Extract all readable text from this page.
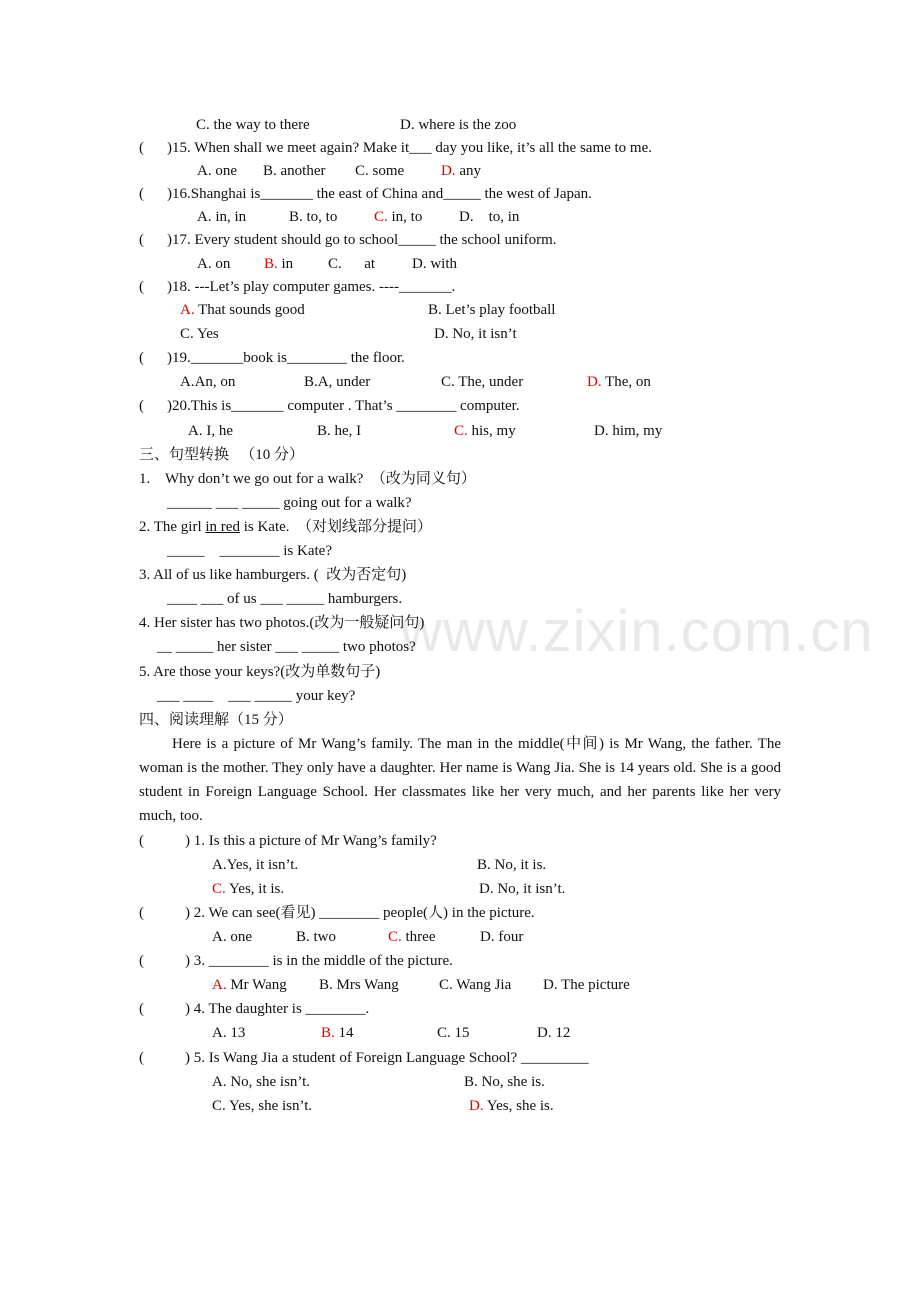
www.zixin.com.cn
C. the way to there	D. where is the zoo
( )15. When shall we meet again? Make it___ day you like, it’s all the same to me.
A. one B. another C. some D. any
( )16.Shanghai is_______ the east of China and_____ the west of Japan.
A. in, in	B. to, to C. in, to D.    to, in
( )17. Every student should go to school_____ the school uniform.
A. on B. in C.      at D. with
( )18. ---Let’s play computer games. ----_______.
A. That sounds good	B. Let’s play football
C. Yes	D. No, it isn’t
( )19._______book is________ the floor.
A.An, on	B.A, under	C. The, under	D. The, on
( )20.This is_______ computer . That’s ________ computer.
A. I, he	B. he, I	C. his, my	D. him, my
三、句型转换   （10 分）
1.    Why don’t we go out for a walk?  （改为同义句）
______ ___ _____ going out for a walk?
2. The girl in red is Kate.  （对划线部分提问）
_____    ________ is Kate?
3. All of us like hamburgers. (  改为否定句)
____ ___ of us ___ _____ hamburgers.
4. Her sister has two photos.(改为一般疑问句)
__ _____ her sister ___ _____ two photos?
5. Are those your keys?(改为单数句子)
___ ____    ___ _____ your key?
四、阅读理解（15 分）

Here is a picture of Mr Wang’s family. The man in the middle(中间) is Mr Wang, the father. The woman is the mother. They only have a daughter. Her name is Wang Jia. She is 14 years old. She is a good student in Foreign Language School. Her classmates like her very much, and her parents like her very much, too.

(	) 1. Is this a picture of Mr Wang’s family?
A.Yes, it isn’t.	B. No, it is.
C. Yes, it is.	D. No, it isn’t.
(	) 2. We can see(看见) ________ people(人) in the picture.
A. one	B. two	C. three	D. four
(	) 3. ________ is in the middle of the picture.
A. Mr Wang B. Mrs Wang	C. Wang Jia D. The picture
(	) 4. The daughter is ________.
A. 13	B. 14	C. 15	D. 12
(	) 5. Is Wang Jia a student of Foreign Language School? _________
A. No, she isn’t.	B. No, she is.
C. Yes, she isn’t.	D. Yes, she is.
